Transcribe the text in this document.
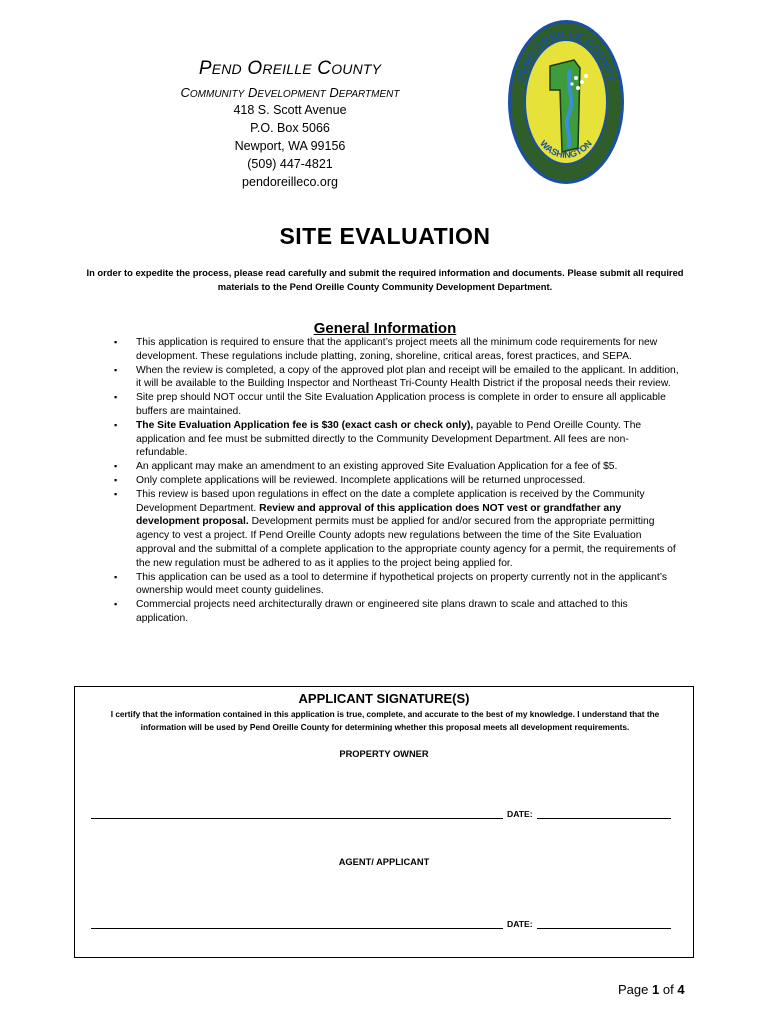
PEND OREILLE COUNTY
COMMUNITY DEVELOPMENT DEPARTMENT
418 S. Scott Avenue
P.O. Box 5066
Newport, WA 99156
(509) 447-4821
pendoreilleco.org
PEND OREILLE COUNTY
WASHINGTON
SITE EVALUATION
In order to expedite the process, please read carefully and submit the required information and documents. Please submit all required materials to the Pend Oreille County Community Development Department.
General Information
▪ This application is required to ensure that the applicant’s project meets all the minimum code requirements for new development. These regulations include platting, zoning, shoreline, critical areas, forest practices, and SEPA.
▪ When the review is completed, a copy of the approved plot plan and receipt will be emailed to the applicant. In addition, it will be available to the Building Inspector and Northeast Tri-County Health District if the proposal needs their review.
▪ Site prep should NOT occur until the Site Evaluation Application process is complete in order to ensure all applicable buffers are maintained.
▪ The Site Evaluation Application fee is $30 (exact cash or check only), payable to Pend Oreille County. The application and fee must be submitted directly to the Community Development Department. All fees are non-refundable.
▪ An applicant may make an amendment to an existing approved Site Evaluation Application for a fee of $5.
▪ Only complete applications will be reviewed. Incomplete applications will be returned unprocessed.
▪ This review is based upon regulations in effect on the date a complete application is received by the Community Development Department. Review and approval of this application does NOT vest or grandfather any development proposal. Development permits must be applied for and/or secured from the appropriate permitting agency to vest a project. If Pend Oreille County adopts new regulations between the time of the Site Evaluation approval and the submittal of a complete application to the appropriate county agency for a permit, the requirements of the new regulation must be adhered to as it applies to the project being applied for.
▪ This application can be used as a tool to determine if hypothetical projects on property currently not in the applicant’s ownership would meet county guidelines.
▪ Commercial projects need architecturally drawn or engineered site plans drawn to scale and attached to this application.
APPLICANT SIGNATURE(S)
I certify that the information contained in this application is true, complete, and accurate to the best of my knowledge. I understand that the information will be used by Pend Oreille County for determining whether this proposal meets all development requirements.
PROPERTY OWNER
DATE:
AGENT/ APPLICANT
DATE:
Page 1 of 4
